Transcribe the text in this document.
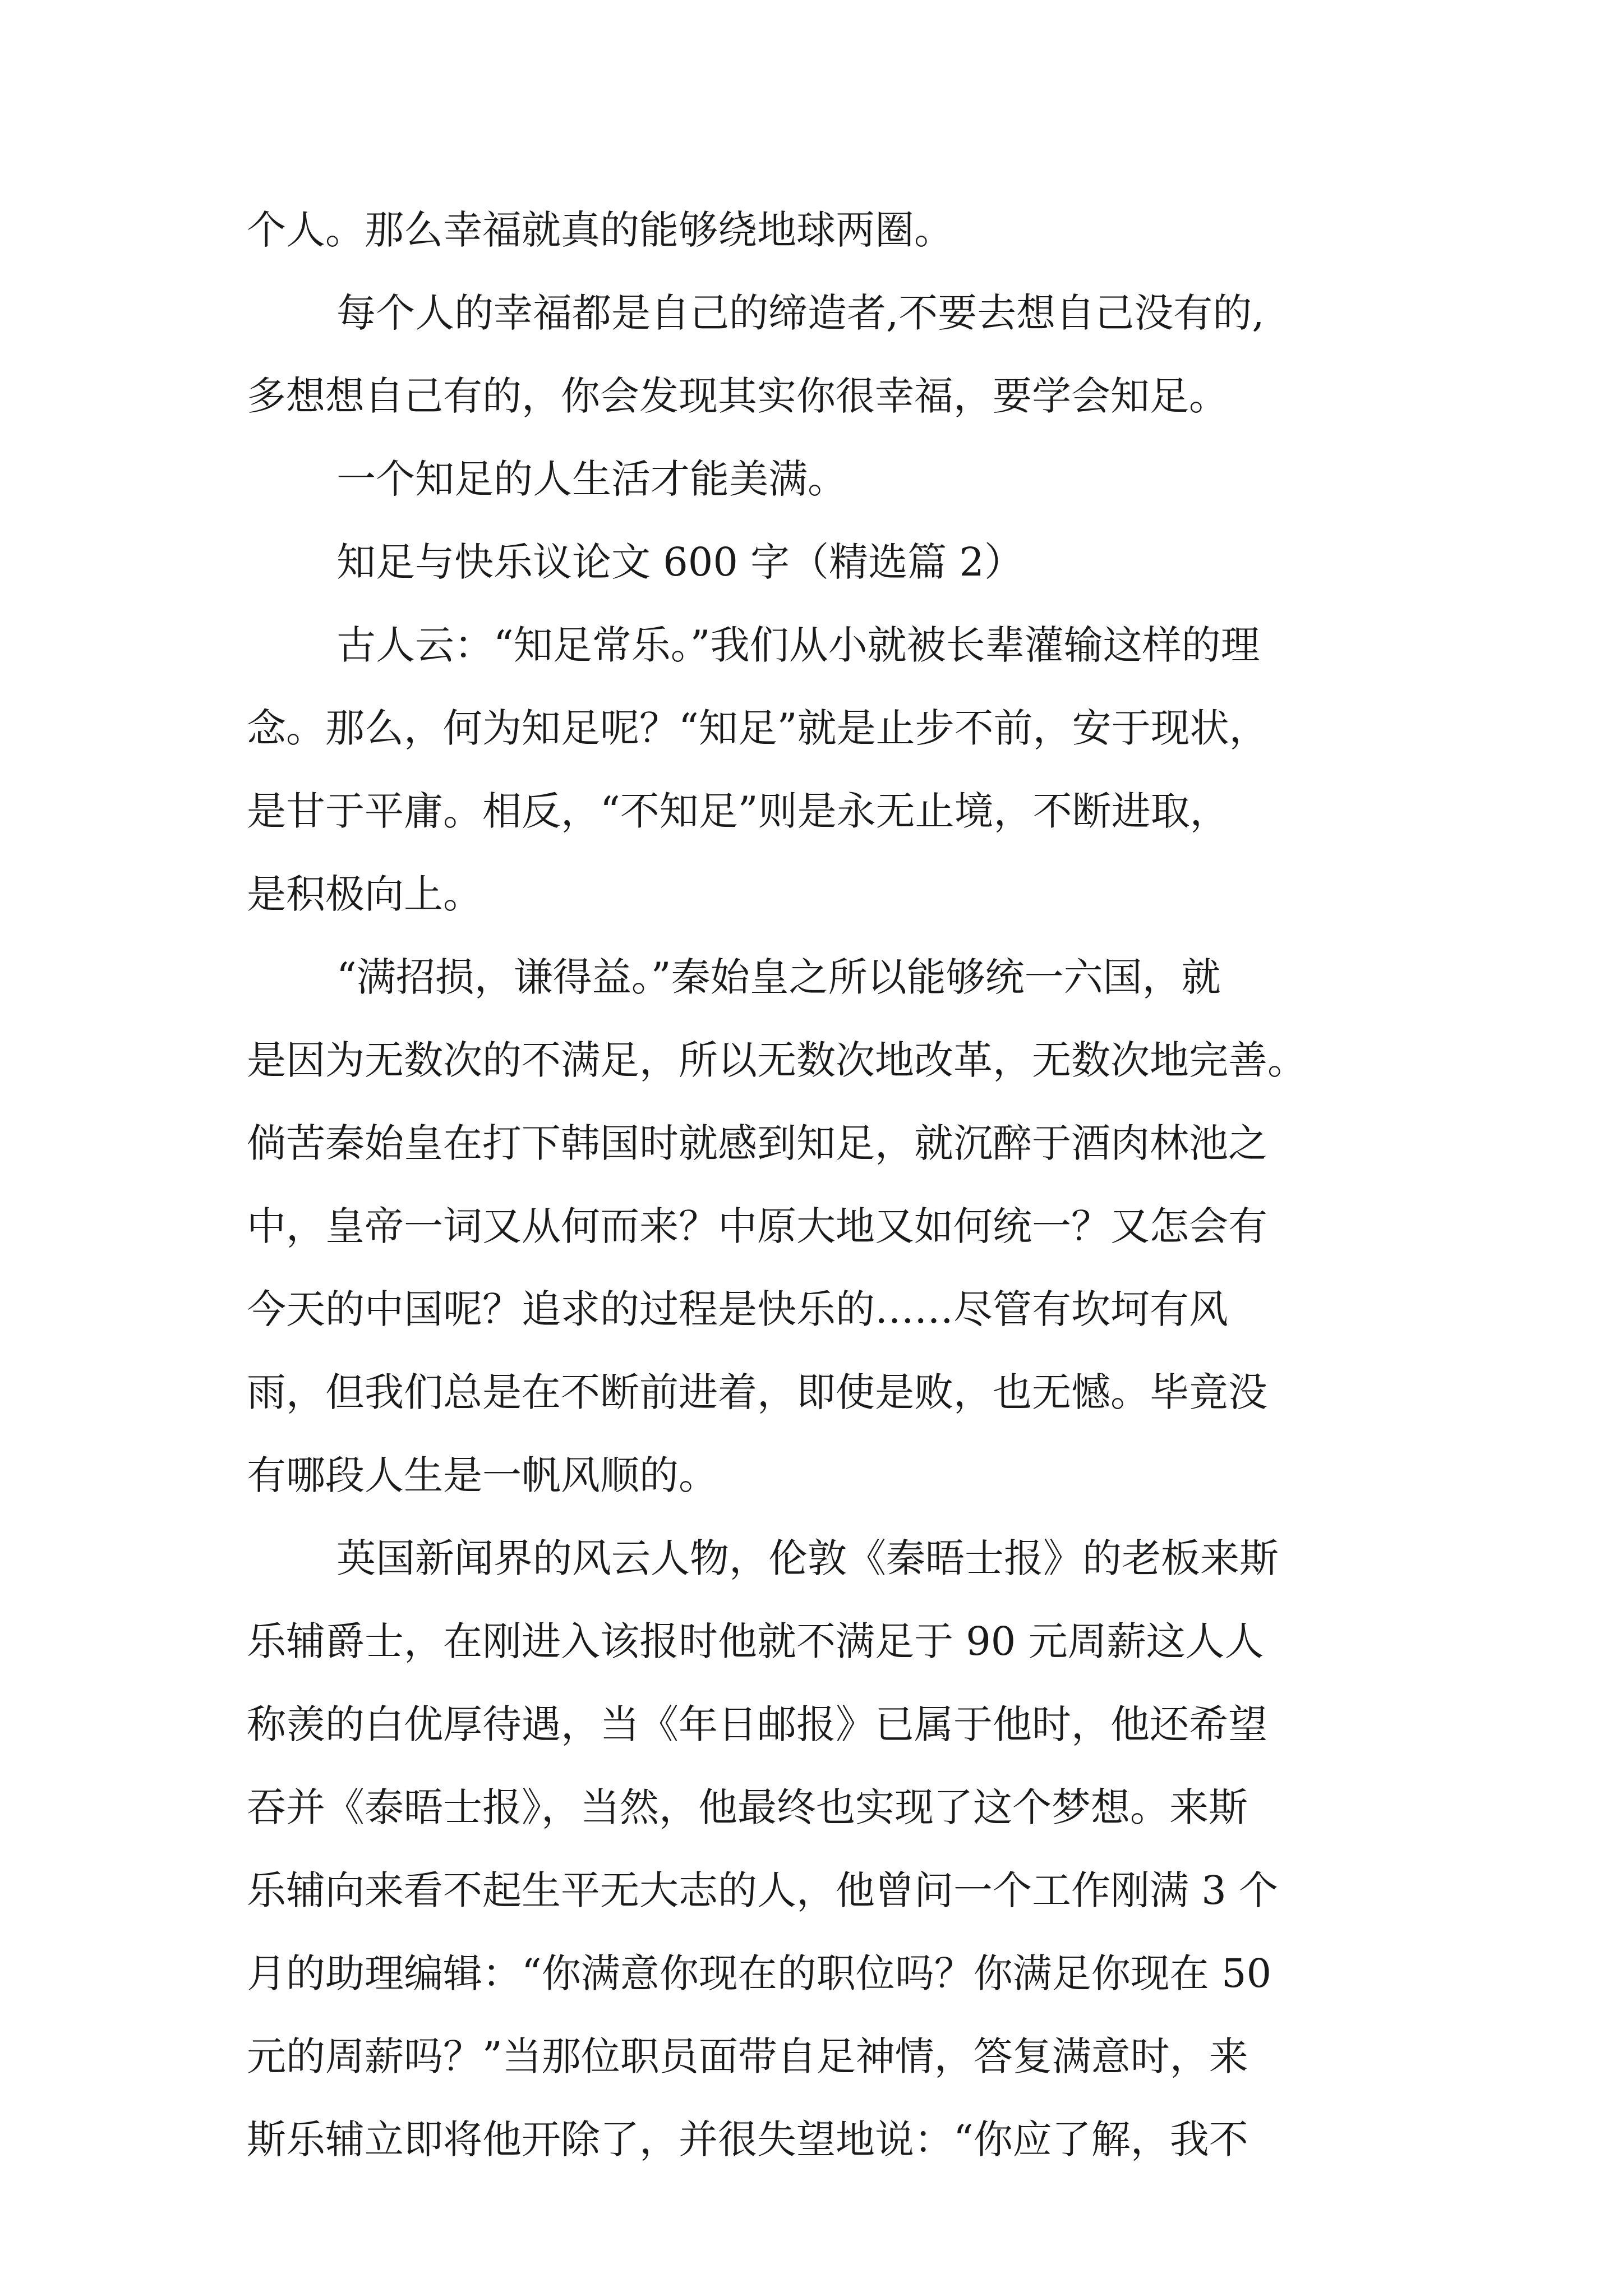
个人。那么幸福就真的能够绕地球两圈。

每个人的幸福都是自己的缔造者,不要去想自己没有的,

多想想自己有的，你会发现其实你很幸福，要学会知足。

一个知足的人生活才能美满。

知足与快乐议论文 600 字（精选篇 2）

古人云：“知足常乐。”我们从小就被长辈灌输这样的理

念。那么，何为知足呢？“知足”就是止步不前，安于现状，

是甘于平庸。相反，“不知足”则是永无止境，不断进取，

是积极向上。

“满招损，谦得益。”秦始皇之所以能够统一六国，就

是因为无数次的不满足，所以无数次地改革，无数次地完善。

倘苦秦始皇在打下韩国时就感到知足，就沉醉于酒肉林池之

中，皇帝一词又从何而来？中原大地又如何统一？又怎会有

今天的中国呢？追求的过程是快乐的……尽管有坎坷有风

雨，但我们总是在不断前进着，即使是败，也无憾。毕竟没

有哪段人生是一帆风顺的。

英国新闻界的风云人物，伦敦《秦晤士报》的老板来斯

乐辅爵士，在刚进入该报时他就不满足于 90 元周薪这人人

称羡的白优厚待遇，当《年日邮报》已属于他时，他还希望

吞并《泰晤士报》，当然，他最终也实现了这个梦想。来斯

乐辅向来看不起生平无大志的人，他曾问一个工作刚满 3 个

月的助理编辑：“你满意你现在的职位吗？你满足你现在 50

元的周薪吗？”当那位职员面带自足神情，答复满意时，来

斯乐辅立即将他开除了，并很失望地说：“你应了解，我不
